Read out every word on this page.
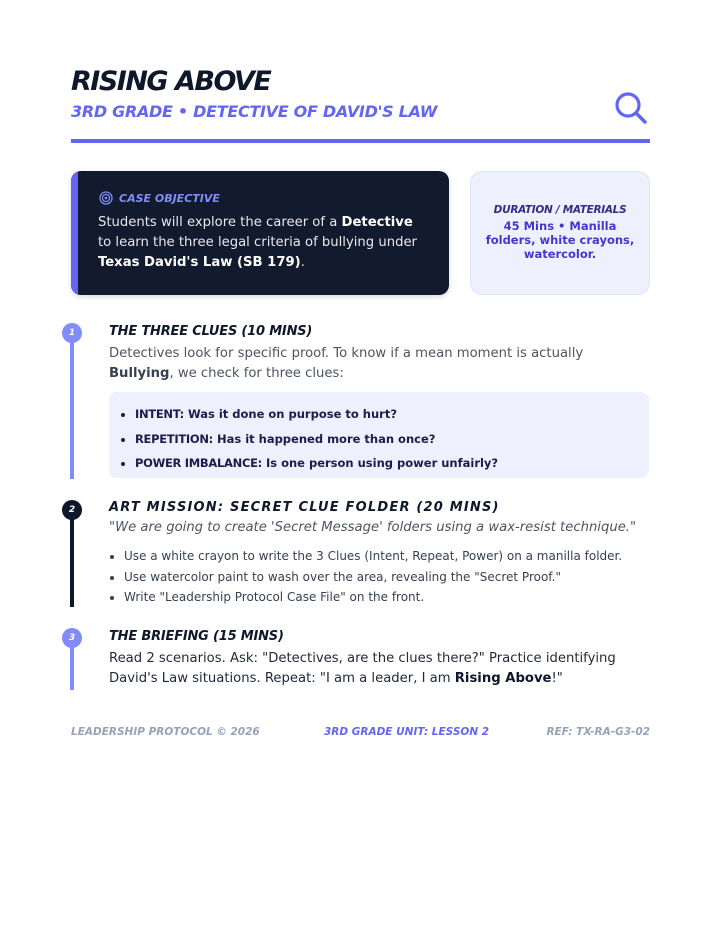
RISING ABOVE
3RD GRADE • DETECTIVE OF DAVID'S LAW
CASE OBJECTIVE
Students will explore the career of a Detective to learn the three legal criteria of bullying under Texas David's Law (SB 179).
DURATION / MATERIALS
45 Mins • Manilla folders, white crayons, watercolor.
1	THE THREE CLUES (10 MINS)
Detectives look for specific proof. To know if a mean moment is actually Bullying, we check for three clues:
• INTENT: Was it done on purpose to hurt?
• REPETITION: Has it happened more than once?
• POWER IMBALANCE: Is one person using power unfairly?
2	ART MISSION: SECRET CLUE FOLDER (20 MINS)

"We are going to create 'Secret Message' folders using a wax-resist technique."

• Use a white crayon to write the 3 Clues (Intent, Repeat, Power) on a manilla folder.
• Use watercolor paint to wash over the area, revealing the "Secret Proof."
• Write "Leadership Protocol Case File" on the front.
3	THE BRIEFING (15 MINS)
Read 2 scenarios. Ask: "Detectives, are the clues there?" Practice identifying David's Law situations. Repeat: "I am a leader, I am Rising Above!"
LEADERSHIP PROTOCOL © 2026	3RD GRADE UNIT: LESSON 2	REF: TX-RA-G3-02
